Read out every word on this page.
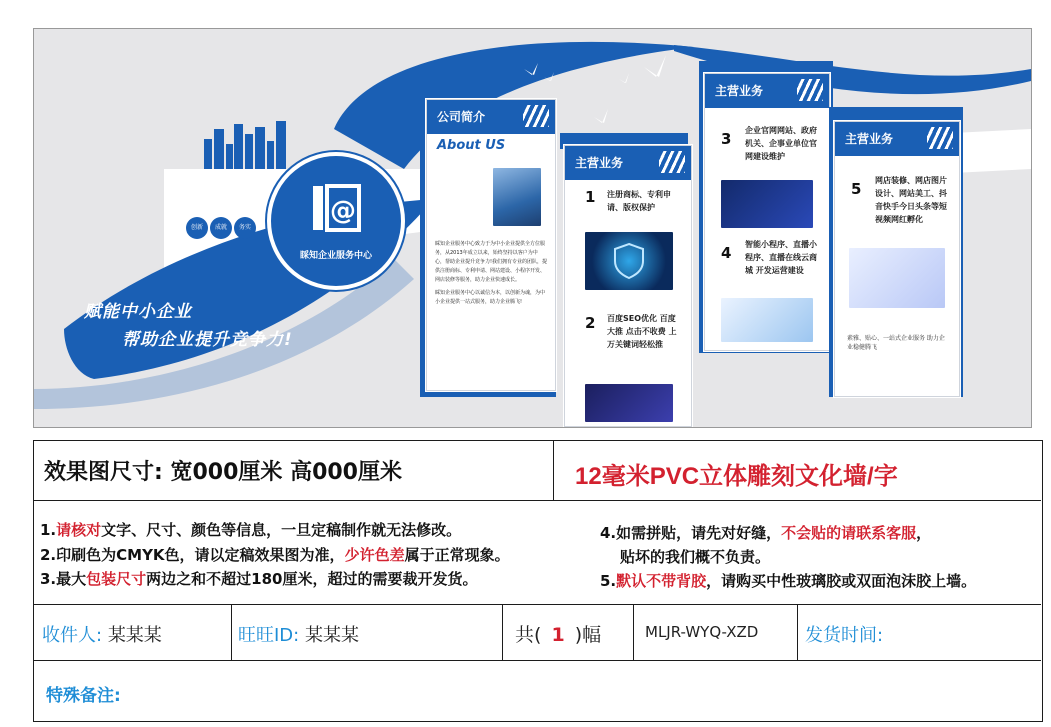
创新	成就	务实
@
睬知企业服务中心
赋能中小企业
帮助企业提升竞争力!
公司简介
About US
睬知企业服务中心致力于为中小企业提供全方位服务，从2013年成立以来，始终坚持以客户为中心，帮助企业提升竞争力!我们拥有专业的团队，提供注册商标、专利申请、网站建设、小程序开发、网店装修等服务，助力企业快速成长。
睬知企业服务中心以诚信为本，以创新为魂，为中小企业提供一站式服务，助力企业腾飞!
主营业务
1 注册商标、专利申请、版权保护
2 百度SEO优化 百度大推 点击不收费 上万关键词轻松推
主营业务
3 企业官网网站、政府机关、企事业单位官网建设维护
4 智能小程序、直播小程序、直播在线云商城 开发运营建设
主营业务
5 网店装修、网店图片设计、网站美工、抖音快手今日头条等短视频网红孵化
素雅、贴心、一站式企业服务 助力企业稳健腾飞
效果图尺寸: 宽000厘米 高000厘米	12毫米PVC立体雕刻文化墙/字
1.请核对文字、尺寸、颜色等信息，一旦定稿制作就无法修改。
2.印刷色为CMYK色，请以定稿效果图为准，少许色差属于正常现象。
3.最大包装尺寸两边之和不超过180厘米，超过的需要裁开发货。
4.如需拼贴，请先对好缝，不会贴的请联系客服，
贴坏的我们概不负责。
5.默认不带背胶，请购买中性玻璃胶或双面泡沫胶上墙。
收件人: 某某某	旺旺ID: 某某某	共( 1 )幅	MLJR-WYQ-XZD	发货时间:
特殊备注:
